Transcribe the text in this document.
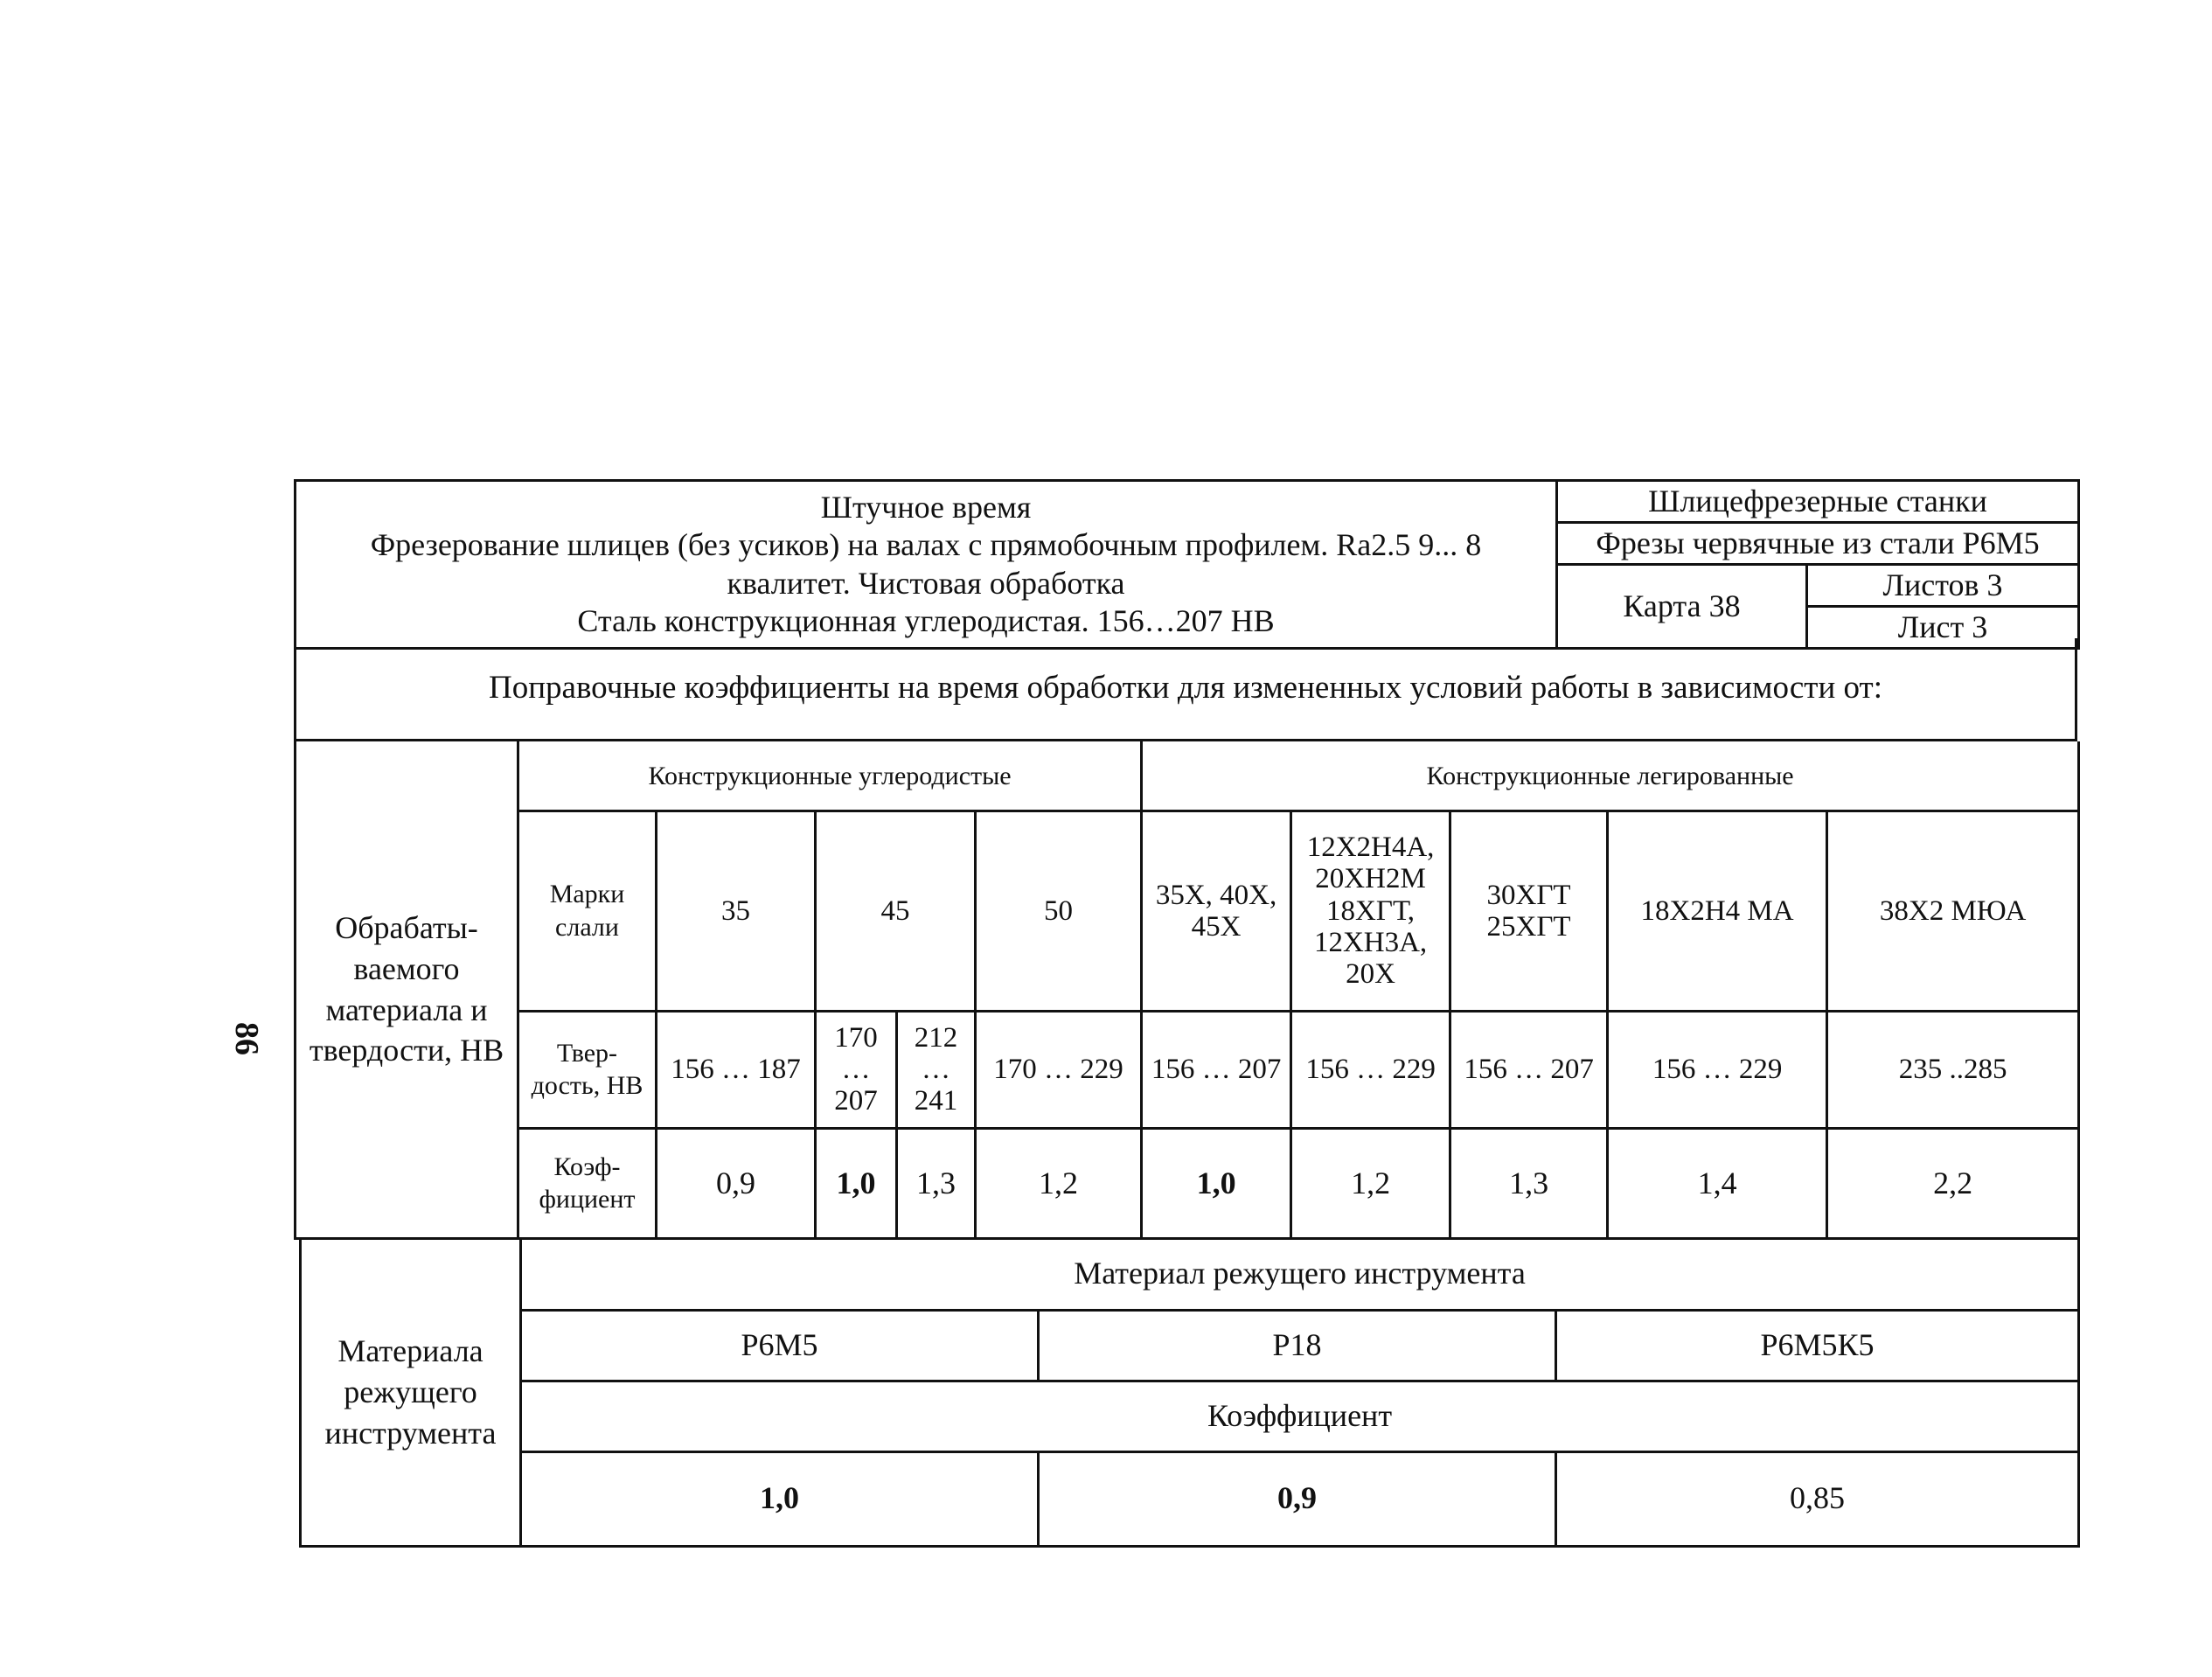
86
Штучное время
Фрезерование шлицев (без усиков) на валах с прямобочным профилем. Ra2.5 9... 8
квалитет. Чистовая обработка
Сталь конструкционная углеродистая. 156…207 НВ	Шлицефрезерные станки	
	Фрезы червячные из стали Р6М5	
	Карта 38	Листов 3
		Лист 3
Поправочные коэффициенты на время обработки для измененных условий работы в зависимости от:
Обрабаты-ваемого материала и твердости, НВ	Конструкционные углеродистые					Конструкционные легированные				
	Марки слали	35	45		50	35Х, 40Х, 45Х	12Х2Н4А, 20ХН2М 18ХГТ, 12ХН3А, 20Х	30ХГТ 25ХГТ	18Х2Н4 МА	38Х2 МЮА
	Твер-дость, НВ	156 … 187	170 … 207	212 … 241	170 … 229	156 … 207	156 … 229	156 … 207	156 … 229	235 ..285
	Коэф-фициент	0,9	1,0	1,3	1,2	1,0	1,2	1,3	1,4	2,2
Материала режущего инструмента	Материал режущего инструмента		
	Р6М5	Р18	Р6М5К5
	Коэффициент		
	1,0	0,9	0,85
